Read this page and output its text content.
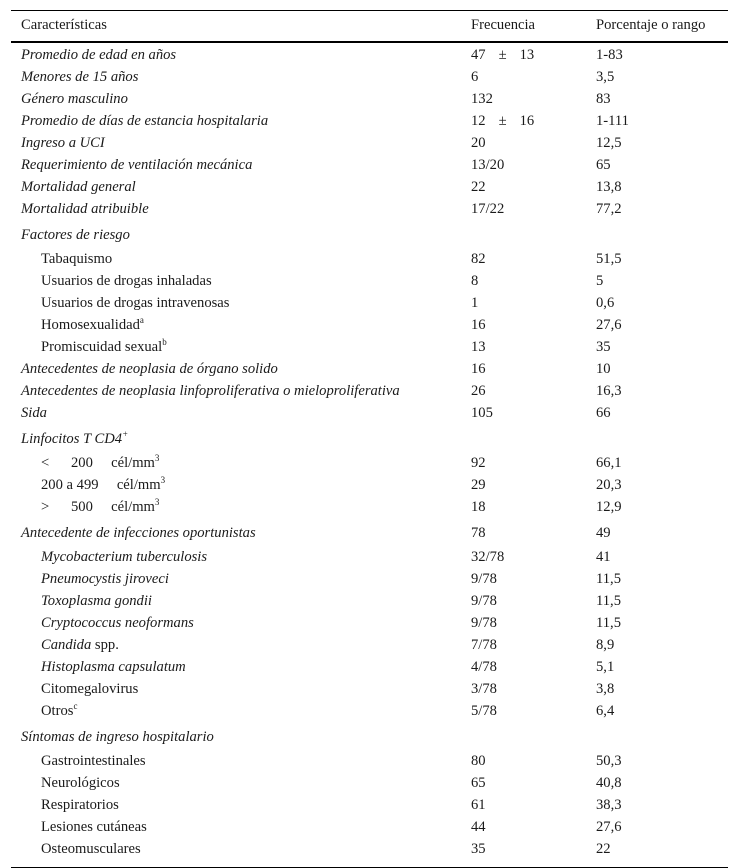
Características	Frecuencia	Porcentaje o rango
Promedio de edad en años	47 ± 13	1-83
Menores de 15 años	6	3,5
Género masculino	132	83
Promedio de días de estancia hospitalaria	12 ± 16	1-111
Ingreso a UCI	20	12,5
Requerimiento de ventilación mecánica	13/20	65
Mortalidad general	22	13,8
Mortalidad atribuible	17/22	77,2
Factores de riesgo		
Tabaquismo	82	51,5
Usuarios de drogas inhaladas	8	5
Usuarios de drogas intravenosas	1	0,6
Homosexualidad$^a$	16	27,6
Promiscuidad sexual$^b$	13	35
Antecedentes de neoplasia de órgano solido	16	10
Antecedentes de neoplasia linfoproliferativa o mieloproliferativa	26	16,3
Sida	105	66
Linfocitos T CD4+		
< 200 cél/$mm^3$	92	66,1
200 a 499 cél/$mm^3$	29	20,3
> 500 cél/$mm^3$	18	12,9
Antecedente de infecciones oportunistas	78	49
Mycobacterium tuberculosis	32/78	41
Pneumocystis jiroveci	9/78	11,5
Toxoplasma gondii	9/78	11,5
Cryptococcus neoformans	9/78	11,5
Candida spp.	7/78	8,9
Histoplasma capsulatum	4/78	5,1
Citomegalovirus	3/78	3,8
Otros$^c$	5/78	6,4
Síntomas de ingreso hospitalario		
Gastrointestinales	80	50,3
Neurológicos	65	40,8
Respiratorios	61	38,3
Lesiones cutáneas	44	27,6
Osteomusculares	35	22
